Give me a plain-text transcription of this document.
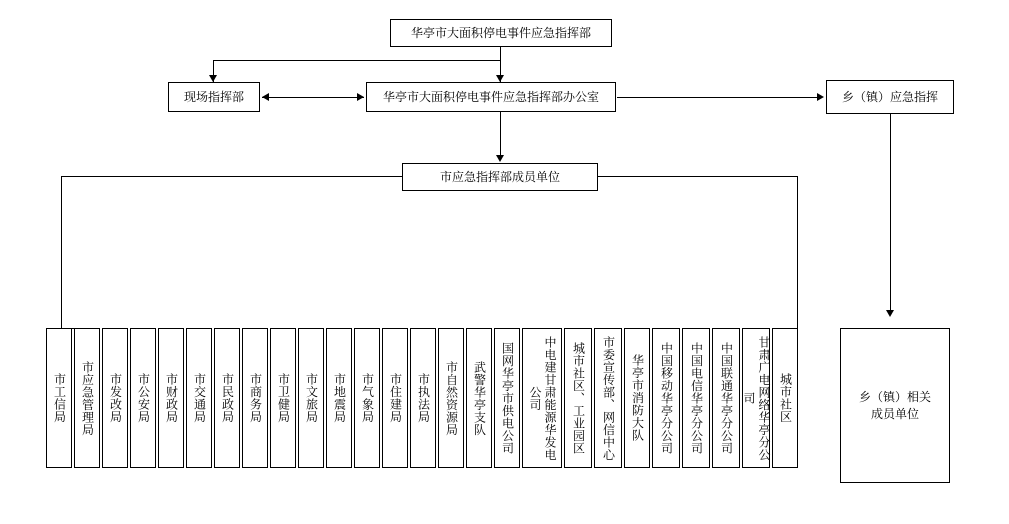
华亭市大面积停电事件应急指挥部
现场指挥部	华亭市大面积停电事件应急指挥部办公室	乡（镇）应急指挥
市应急指挥部成员单位
乡（镇）相关
成员单位
市工信局 市应急管理局 市发改局 市公安局 市财政局 市交通局 市民政局 市商务局 市卫健局 市文旅局 市地震局 市气象局 市住建局 市执法局 市自然资源局 武警华亭支队 国网华亭市供电公司	中电建甘肃能源华发电公司	城市社区、工业园区 市委宣传部、网信中心 华亭市消防大队 中国移动华亭分公司 中国电信华亭分公司 中国联通华亭分公司	甘肃广电网络华亭分公司	城市社区
